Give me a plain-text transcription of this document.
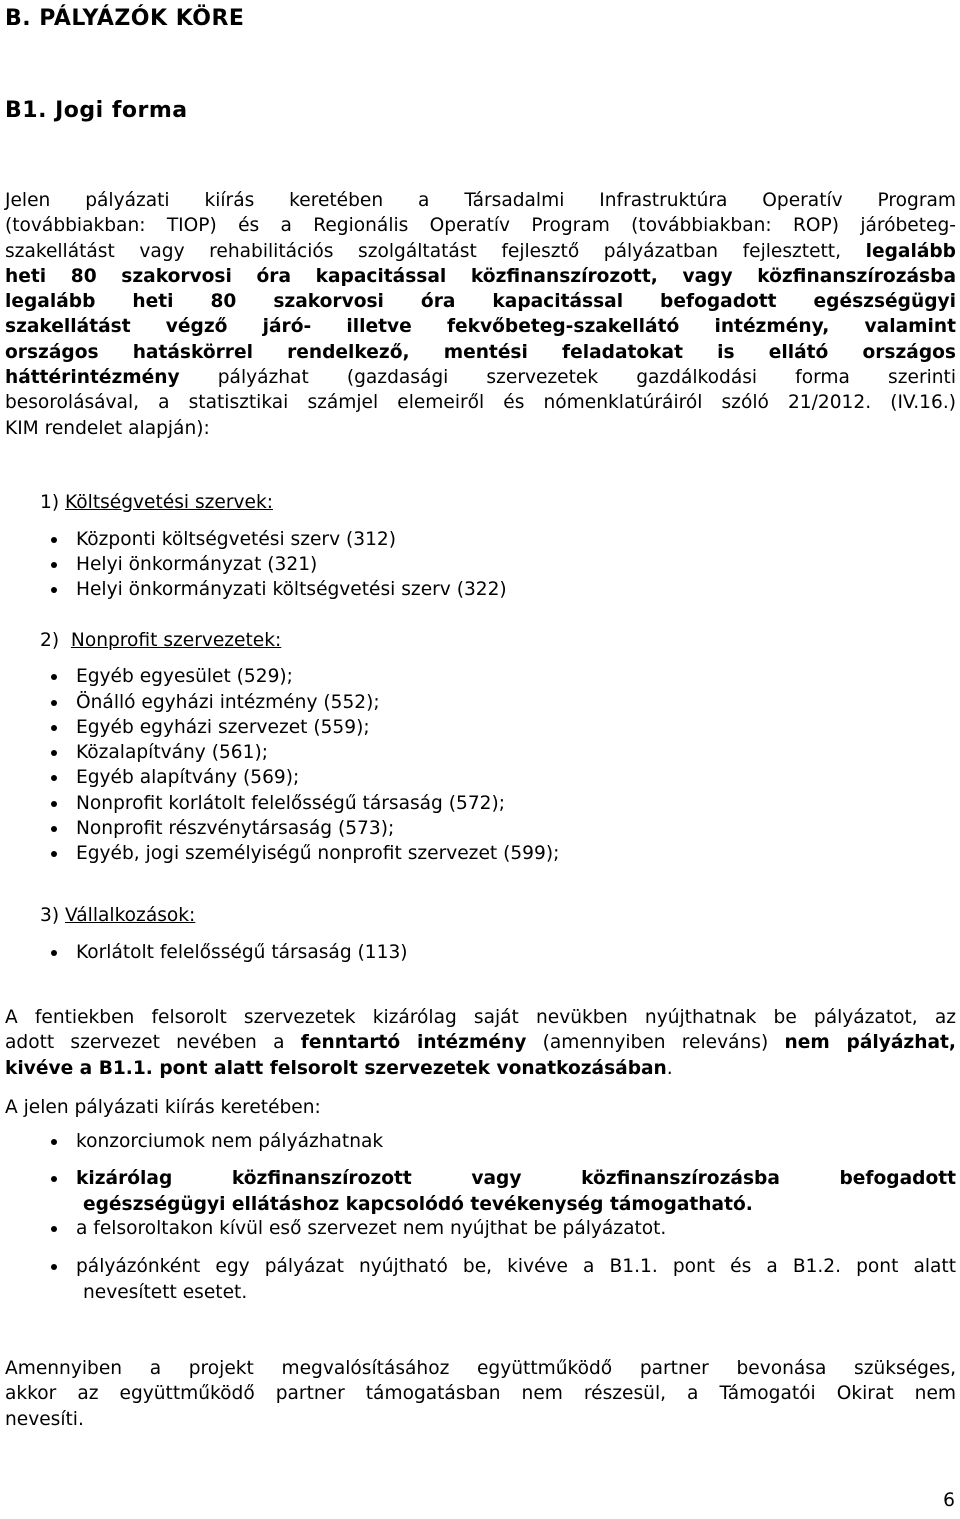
B. PÁLYÁZÓK KÖRE
B1. Jogi forma
Jelen pályázati kiírás keretében a Társadalmi Infrastruktúra Operatív Program
(továbbiakban: TIOP) és a Regionális Operatív Program (továbbiakban: ROP) járóbeteg-
szakellátást vagy rehabilitációs szolgáltatást fejlesztő pályázatban fejlesztett, legalább
heti 80 szakorvosi óra kapacitással közfinanszírozott, vagy közfinanszírozásba
legalább heti 80 szakorvosi óra kapacitással befogadott egészségügyi
szakellátást végző járó- illetve fekvőbeteg-szakellátó intézmény, valamint
országos hatáskörrel rendelkező, mentési feladatokat is ellátó országos
háttérintézmény pályázhat (gazdasági szervezetek gazdálkodási forma szerinti
besorolásával, a statisztikai számjel elemeiről és nómenklatúráiról szóló 21/2012. (IV.16.)
KIM rendelet alapján):
1) Költségvetési szervek:
Központi költségvetési szerv (312)
Helyi önkormányzat (321)
Helyi önkormányzati költségvetési szerv (322)
2) Nonprofit szervezetek:
Egyéb egyesület (529);
Önálló egyházi intézmény (552);
Egyéb egyházi szervezet (559);
Közalapítvány (561);
Egyéb alapítvány (569);
Nonprofit korlátolt felelősségű társaság (572);
Nonprofit részvénytársaság (573);
Egyéb, jogi személyiségű nonprofit szervezet (599);
3) Vállalkozások:
Korlátolt felelősségű társaság (113)
A fentiekben felsorolt szervezetek kizárólag saját nevükben nyújthatnak be pályázatot, az
adott szervezet nevében a fenntartó intézmény (amennyiben releváns) nem pályázhat,
kivéve a B1.1. pont alatt felsorolt szervezetek vonatkozásában.
A jelen pályázati kiírás keretében:
konzorciumok nem pályázhatnak
kizárólag közfinanszírozott vagy közfinanszírozásba befogadott
egészségügyi ellátáshoz kapcsolódó tevékenység támogatható.
a felsoroltakon kívül eső szervezet nem nyújthat be pályázatot.
pályázónként egy pályázat nyújtható be, kivéve a B1.1. pont és a B1.2. pont alatt
nevesített esetet.
Amennyiben a projekt megvalósításához együttműködő partner bevonása szükséges,
akkor az együttműködő partner támogatásban nem részesül, a Támogatói Okirat nem
nevesíti.
6
